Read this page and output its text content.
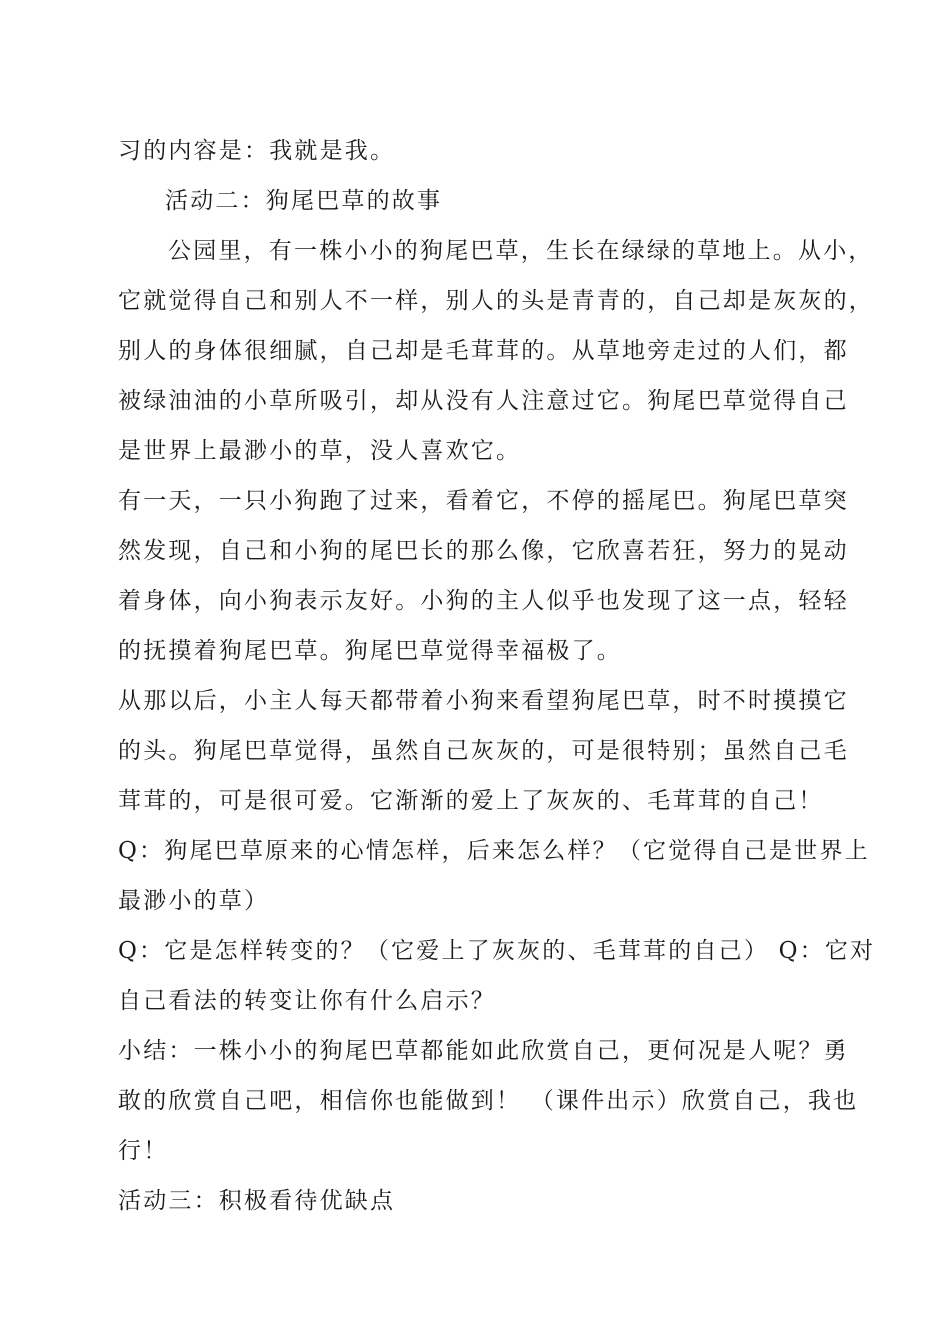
习的内容是：我就是我。
活动二：狗尾巴草的故事
公园里，有一株小小的狗尾巴草，生长在绿绿的草地上。从小，
它就觉得自己和别人不一样，别人的头是青青的，自己却是灰灰的，
别人的身体很细腻，自己却是毛茸茸的。从草地旁走过的人们，都
被绿油油的小草所吸引，却从没有人注意过它。狗尾巴草觉得自己
是世界上最渺小的草，没人喜欢它。
有一天，一只小狗跑了过来，看着它，不停的摇尾巴。狗尾巴草突
然发现，自己和小狗的尾巴长的那么像，它欣喜若狂，努力的晃动
着身体，向小狗表示友好。小狗的主人似乎也发现了这一点，轻轻
的抚摸着狗尾巴草。狗尾巴草觉得幸福极了。
从那以后，小主人每天都带着小狗来看望狗尾巴草，时不时摸摸它
的头。狗尾巴草觉得，虽然自己灰灰的，可是很特别；虽然自己毛
茸茸的，可是很可爱。它渐渐的爱上了灰灰的、毛茸茸的自己！
Q：狗尾巴草原来的心情怎样，后来怎么样？（它觉得自己是世界上
最渺小的草）
Q：它是怎样转变的？（它爱上了灰灰的、毛茸茸的自己） Q：它对
自己看法的转变让你有什么启示？
小结：一株小小的狗尾巴草都能如此欣赏自己，更何况是人呢？勇
敢的欣赏自己吧，相信你也能做到！ （课件出示）欣赏自己，我也
行！
活动三：积极看待优缺点
